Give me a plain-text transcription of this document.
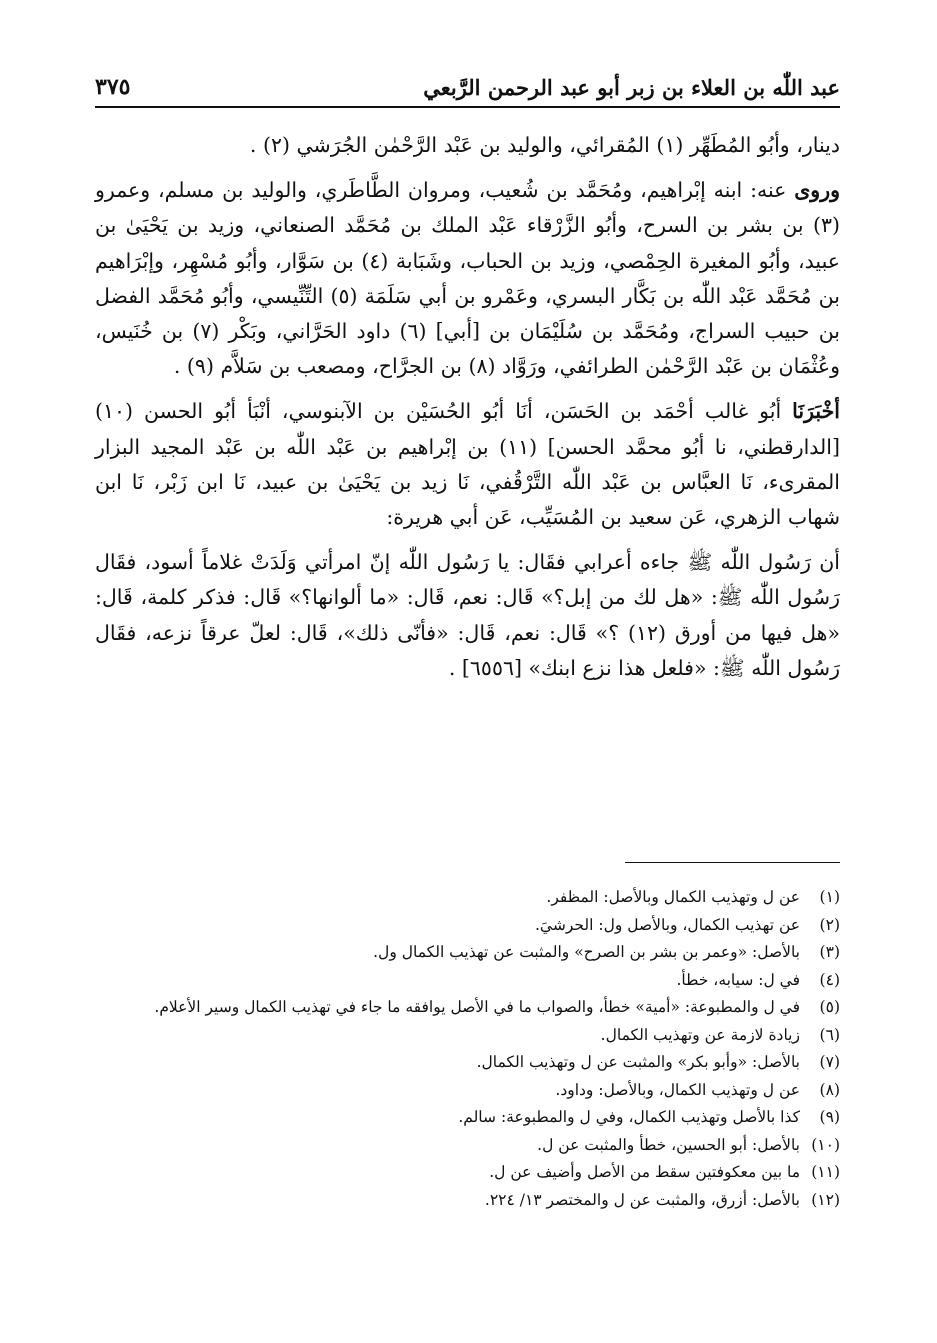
عبد اللّٰه بن العلاء بن زبر أبو عبد الرحمن الرَّبعي
٣٧٥

دينار، وأبُو المُطَهِّر (١) المُقرائي، والوليد بن عَبْد الرَّحْمٰن الجُرَشي (٢) .

وروى عنه: ابنه إبْراهيم، ومُحَمَّد بن شُعيب، ومروان الطَّاطَري، والوليد بن مسلم، وعمرو (٣) بن بشر بن السرح، وأبُو الزَّرْقاء عَبْد الملك بن مُحَمَّد الصنعاني، وزيد بن يَحْيَىٰ بن عبيد، وأبُو المغيرة الحِمْصي، وزيد بن الحباب، وشَبَابة (٤) بن سَوَّار، وأبُو مُسْهِر، وإبْرَاهيم بن مُحَمَّد عَبْد اللّٰه بن بَكَّار البسري، وعَمْرو بن أبي سَلَمَة (٥) التِّنِّيسي، وأبُو مُحَمَّد الفضل بن حبيب السراج، ومُحَمَّد بن سُلَيْمَان بن [أبي] (٦) داود الحَرَّاني، وبَكْر (٧) بن خُنَيس، وعُثْمَان بن عَبْد الرَّحْمٰن الطرائفي، ورَوَّاد (٨) بن الجرَّاح، ومصعب بن سَلاَّم (٩) .

أخْبَرَنَا أبُو غالب أحْمَد بن الحَسَن، أنَا أبُو الحُسَيْن بن الآبنوسي، أنْبَأ أبُو الحسن (١٠) [الدارقطني، نا أبُو محمَّد الحسن] (١١) بن إبْراهيم بن عَبْد اللّٰه بن عَبْد المجيد البزار المقرىء، نَا العبَّاس بن عَبْد اللّٰه التَّرْقُفي، نَا زيد بن يَحْيَىٰ بن عبيد، نَا ابن زَبْر، نَا ابن شهاب الزهري، عَن سعيد بن المُسَيِّب، عَن أبي هريرة:

أن رَسُول اللّٰه ﷺ جاءه أعرابي فقَال: يا رَسُول اللّٰه إنّ امرأتي وَلَدَتْ غلاماً أسود، فقَال رَسُول اللّٰه ﷺ: «هل لك من إبل؟» قَال: نعم، قَال: «ما ألوانها؟» قَال: فذكر كلمة، قَال: «هل فيها من أورق (١٢) ؟» قَال: نعم، قَال: «فأنّى ذلك»، قَال: لعلّ عرقاً نزعه، فقَال رَسُول اللّٰه ﷺ: «فلعل هذا نزع ابنك» [٦٥٥٦] .

(١)
عن ل وتهذيب الكمال وبالأصل: المظفر.
(٢)
عن تهذيب الكمال، وبالأصل ول: الحرشيَ.
(٣)
بالأصل: «وعمر بن بشر بن الصرح» والمثبت عن تهذيب الكمال ول.
(٤)
في ل: سيابه، خطأ.
(٥)
في ل والمطبوعة: «أمية» خطأ، والصواب ما في الأصل يوافقه ما جاء في تهذيب الكمال وسير الأعلام.
(٦)
زيادة لازمة عن وتهذيب الكمال.
(٧)
بالأصل: «وأبو بكر» والمثبت عن ل وتهذيب الكمال.
(٨)
عن ل وتهذيب الكمال، وبالأصل: وداود.
(٩)
كذا بالأصل وتهذيب الكمال، وفي ل والمطبوعة: سالم.
(١٠)
بالأصل: أبو الحسين، خطأ والمثبت عن ل.
(١١)
ما بين معكوفتين سقط من الأصل وأضيف عن ل.
(١٢)
بالأصل: أزرق، والمثبت عن ل والمختصر ١٣/ ٢٢٤.
